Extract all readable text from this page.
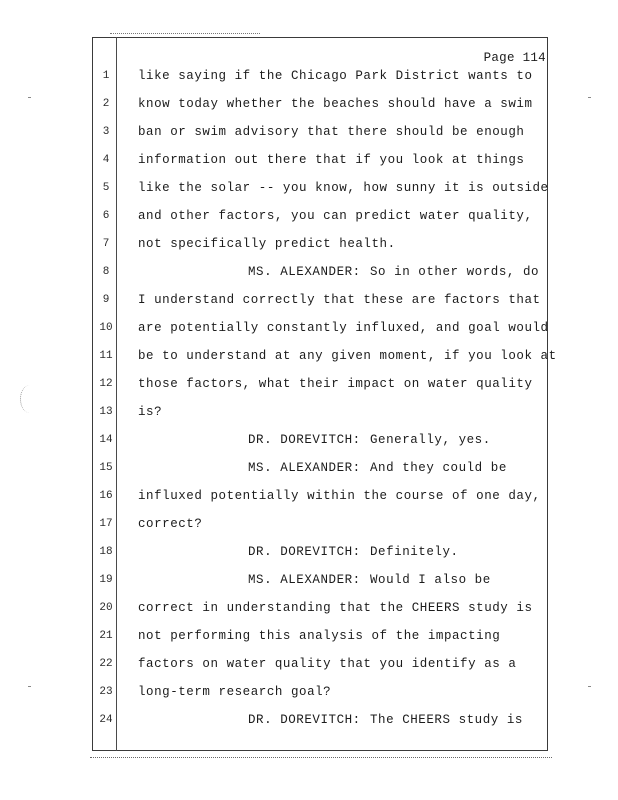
Page 114
1	like saying if the Chicago Park District wants to
2	know today whether the beaches should have a swim
3	ban or swim advisory that there should be enough
4	information out there that if you look at things
5	like the solar -- you know, how sunny it is outside
6	and other factors, you can predict water quality,
7	not specifically predict health.
8	MS. ALEXANDER: So in other words, do
9	I understand correctly that these are factors that
10 are potentially constantly influxed, and goal would
11 be to understand at any given moment, if you look at
12 those factors, what their impact on water quality
13 is?
14	DR. DOREVITCH: Generally, yes.
15	MS. ALEXANDER: And they could be
16 influxed potentially within the course of one day,
17 correct?
18	DR. DOREVITCH: Definitely.
19	MS. ALEXANDER: Would I also be
20 correct in understanding that the CHEERS study is
21 not performing this analysis of the impacting
22 factors on water quality that you identify as a
23 long-term research goal?
24	DR. DOREVITCH: The CHEERS study is
